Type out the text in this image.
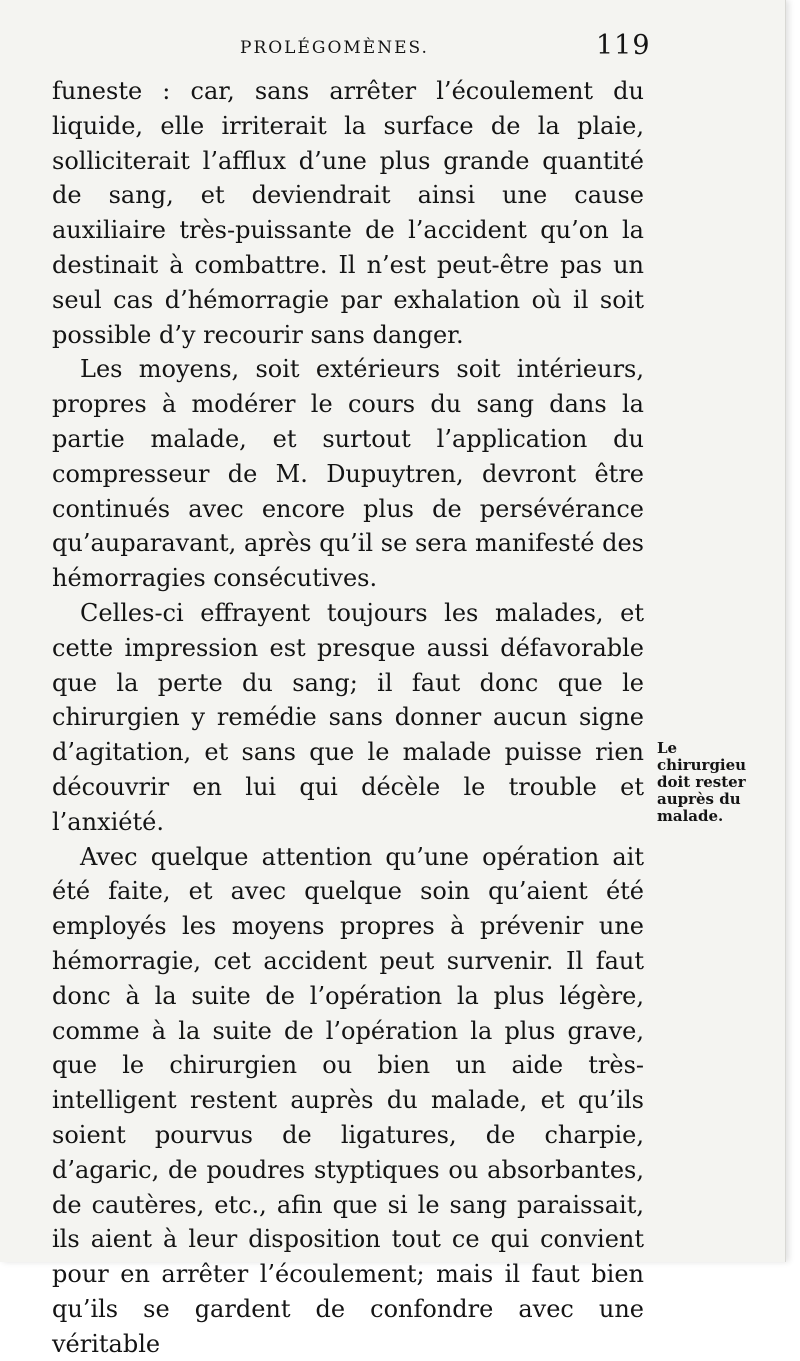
PROLÉGOMÈNES.	119

funeste : car, sans arrêter l’écoulement du liquide, elle irriterait la surface de la plaie, solliciterait l’afflux d’une plus grande quantité de sang, et deviendrait ainsi une cause auxiliaire très-puissante de l’accident qu’on la destinait à combattre. Il n’est peut-être pas un seul cas d’hémorragie par exhalation où il soit possible d’y recourir sans danger.

Les moyens, soit extérieurs soit intérieurs, propres à modérer le cours du sang dans la partie malade, et surtout l’application du compresseur de M. Dupuytren, devront être continués avec encore plus de persévérance qu’auparavant, après qu’il se sera manifesté des hémorragies consécutives.

Celles-ci effrayent toujours les malades, et cette impression est presque aussi défavorable que la perte du sang; il faut donc que le chirurgien y remédie sans donner aucun signe d’agitation, et sans que le malade puisse rien découvrir en lui qui décèle le trouble et l’anxiété.

Avec quelque attention qu’une opération ait été faite, et avec quelque soin qu’aient été employés les moyens propres à prévenir une hémorragie, cet accident peut survenir. Il faut donc à la suite de l’opération la plus légère, comme à la suite de l’opération la plus grave, que le chirurgien ou bien un aide très-intelligent restent auprès du malade, et qu’ils soient pourvus de ligatures, de charpie, d’agaric, de poudres styptiques ou absorbantes, de cautères, etc., afin que si le sang paraissait, ils aient à leur disposition tout ce qui convient pour en arrêter l’écoulement; mais il faut bien qu’ils se gardent de confondre avec une véritable

Le chirurgieu doit rester auprès du malade.
